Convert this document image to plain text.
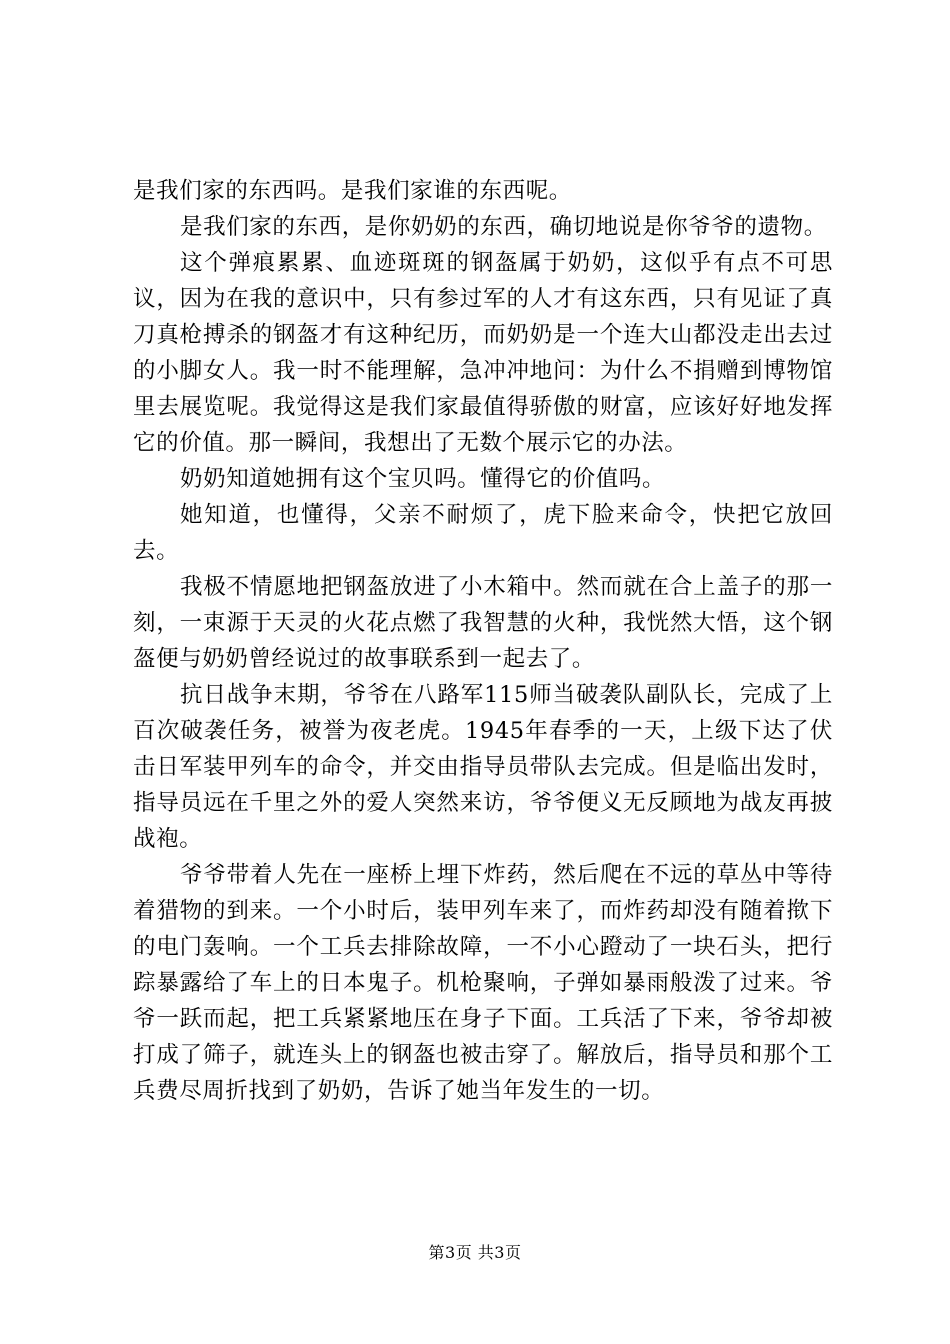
是我们家的东西吗。是我们家谁的东西呢。

是我们家的东西，是你奶奶的东西，确切地说是你爷爷的遗物。

这个弹痕累累、血迹斑斑的钢盔属于奶奶，这似乎有点不可思议，因为在我的意识中，只有参过军的人才有这东西，只有见证了真刀真枪搏杀的钢盔才有这种纪历，而奶奶是一个连大山都没走出去过的小脚女人。我一时不能理解，急冲冲地问：为什么不捐赠到博物馆里去展览呢。我觉得这是我们家最值得骄傲的财富，应该好好地发挥它的价值。那一瞬间，我想出了无数个展示它的办法。

奶奶知道她拥有这个宝贝吗。懂得它的价值吗。

她知道，也懂得，父亲不耐烦了，虎下脸来命令，快把它放回去。

我极不情愿地把钢盔放进了小木箱中。然而就在合上盖子的那一刻，一束源于天灵的火花点燃了我智慧的火种，我恍然大悟，这个钢盔便与奶奶曾经说过的故事联系到一起去了。

抗日战争末期，爷爷在八路军115师当破袭队副队长，完成了上百次破袭任务，被誉为夜老虎。1945年春季的一天，上级下达了伏击日军装甲列车的命令，并交由指导员带队去完成。但是临出发时，指导员远在千里之外的爱人突然来访，爷爷便义无反顾地为战友再披战袍。

爷爷带着人先在一座桥上埋下炸药，然后爬在不远的草丛中等待着猎物的到来。一个小时后，装甲列车来了，而炸药却没有随着揿下的电门轰响。一个工兵去排除故障，一不小心蹬动了一块石头，把行踪暴露给了车上的日本鬼子。机枪聚响，子弹如暴雨般泼了过来。爷爷一跃而起，把工兵紧紧地压在身子下面。工兵活了下来，爷爷却被打成了筛子，就连头上的钢盔也被击穿了。解放后，指导员和那个工兵费尽周折找到了奶奶，告诉了她当年发生的一切。

第3页 共3页
